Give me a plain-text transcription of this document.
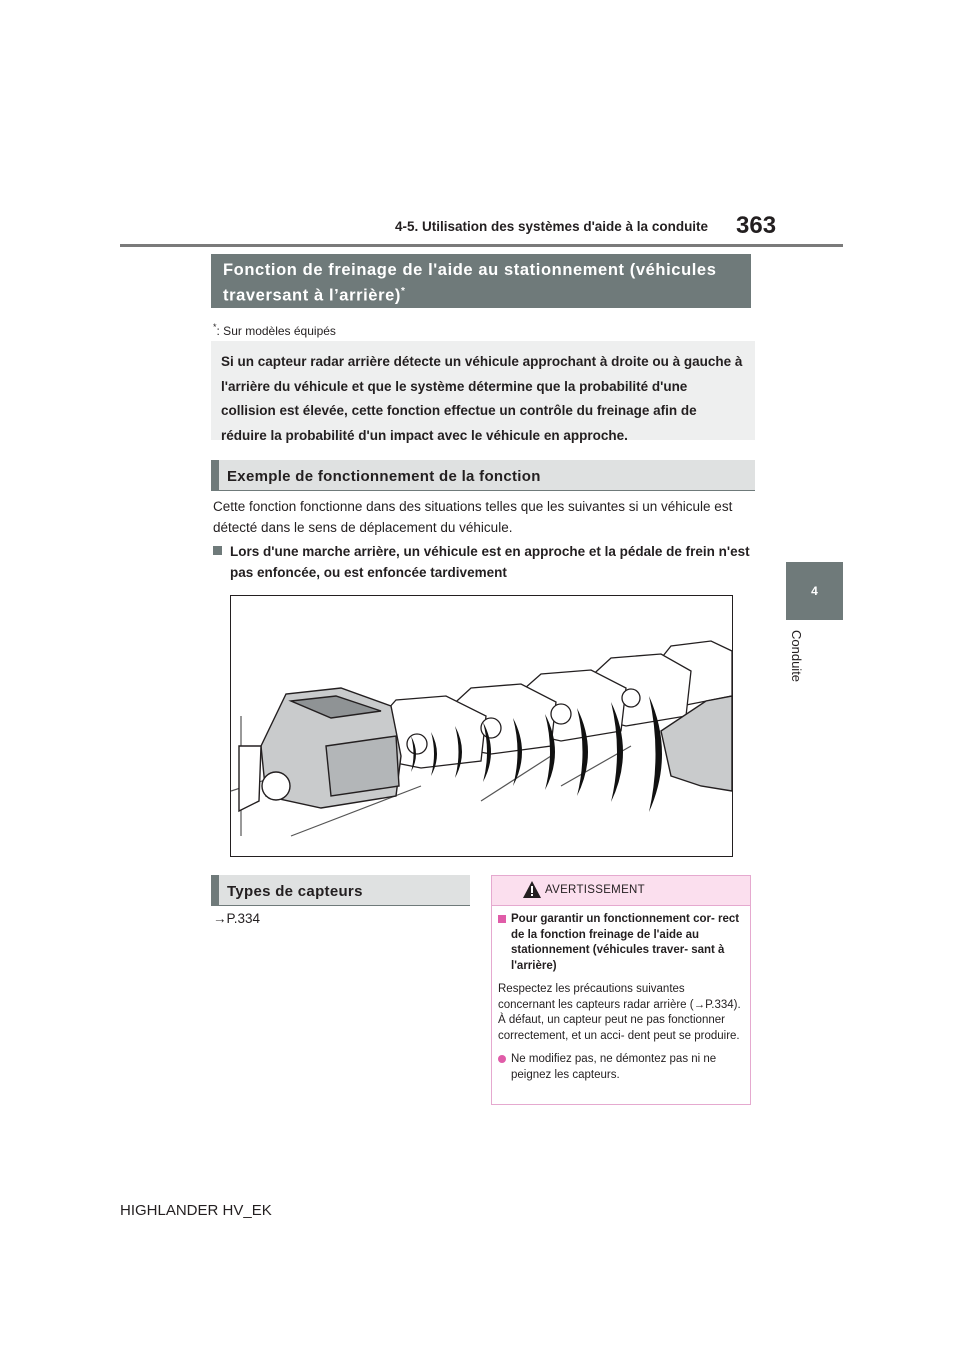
4-5. Utilisation des systèmes d'aide à la conduite 363
4
Conduite
Fonction de freinage de l'aide au stationnement (véhicules traversant à l’arrière)*
*: Sur modèles équipés
Si un capteur radar arrière détecte un véhicule approchant à droite ou à gauche à l'arrière du véhicule et que le système détermine que la probabilité d'une collision est élevée, cette fonction effectue un contrôle du freinage afin de réduire la probabilité d'un impact avec le véhicule en approche.
Exemple de fonctionnement de la fonction
Cette fonction fonctionne dans des situations telles que les suivantes si un véhicule est détecté dans le sens de déplacement du véhicule.
Lors d'une marche arrière, un véhicule est en approche et la pédale de frein n'est pas enfoncée, ou est enfoncée tardivement
Types de capteurs
→P.334
AVERTISSEMENT
Pour garantir un fonctionnement cor- rect de la fonction freinage de l'aide au stationnement (véhicules traver- sant à l'arrière)
Respectez les précautions suivantes concernant les capteurs radar arrière (→P.334). À défaut, un capteur peut ne pas fonctionner correctement, et un acci- dent peut se produire.
Ne modifiez pas, ne démontez pas ni ne peignez les capteurs.
HIGHLANDER HV_EK
